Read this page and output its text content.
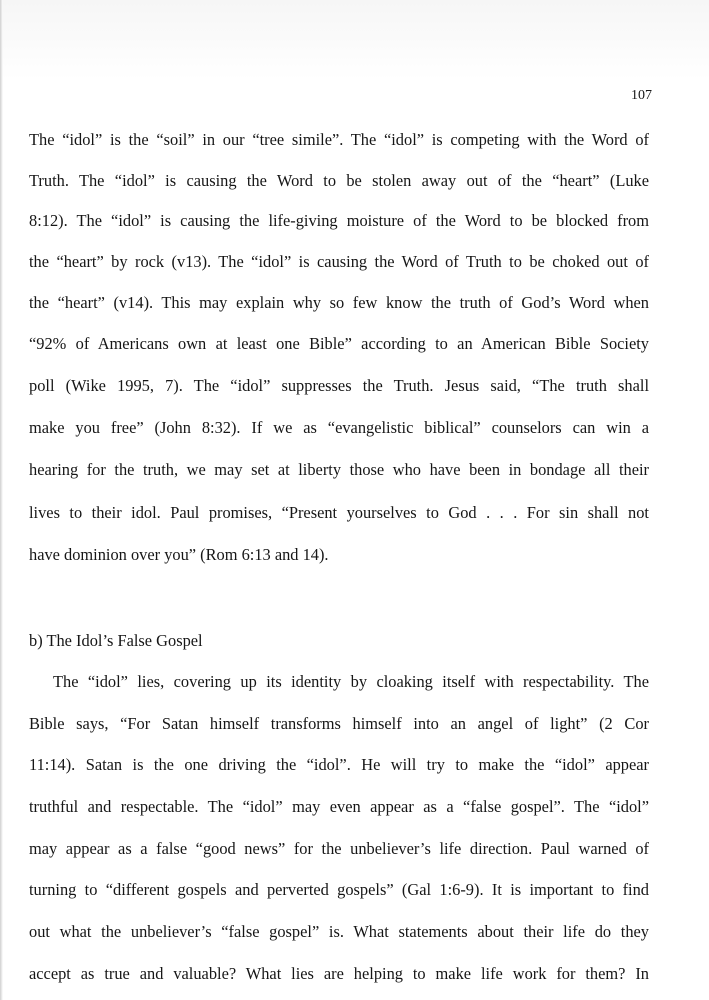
107
The “idol” is the “soil” in our “tree simile”. The “idol” is competing with the Word of
Truth. The “idol” is causing the Word to be stolen away out of the “heart” (Luke
8:12). The “idol” is causing the life-giving moisture of the Word to be blocked from
the “heart” by rock (v13). The “idol” is causing the Word of Truth to be choked out of
the “heart” (v14). This may explain why so few know the truth of God’s Word when
“92% of Americans own at least one Bible” according to an American Bible Society
poll (Wike 1995, 7). The “idol” suppresses the Truth. Jesus said, “The truth shall
make you free” (John 8:32). If we as “evangelistic biblical” counselors can win a
hearing for the truth, we may set at liberty those who have been in bondage all their
lives to their idol. Paul promises, “Present yourselves to God . . . For sin shall not
have dominion over you” (Rom 6:13 and 14).
b) The Idol’s False Gospel
The “idol” lies, covering up its identity by cloaking itself with respectability. The
Bible says, “For Satan himself transforms himself into an angel of light” (2 Cor
11:14). Satan is the one driving the “idol”. He will try to make the “idol” appear
truthful and respectable. The “idol” may even appear as a “false gospel”. The “idol”
may appear as a false “good news” for the unbeliever’s life direction. Paul warned of
turning to “different gospels and perverted gospels” (Gal 1:6-9). It is important to find
out what the unbeliever’s “false gospel” is. What statements about their life do they
accept as true and valuable? What lies are helping to make life work for them? In
